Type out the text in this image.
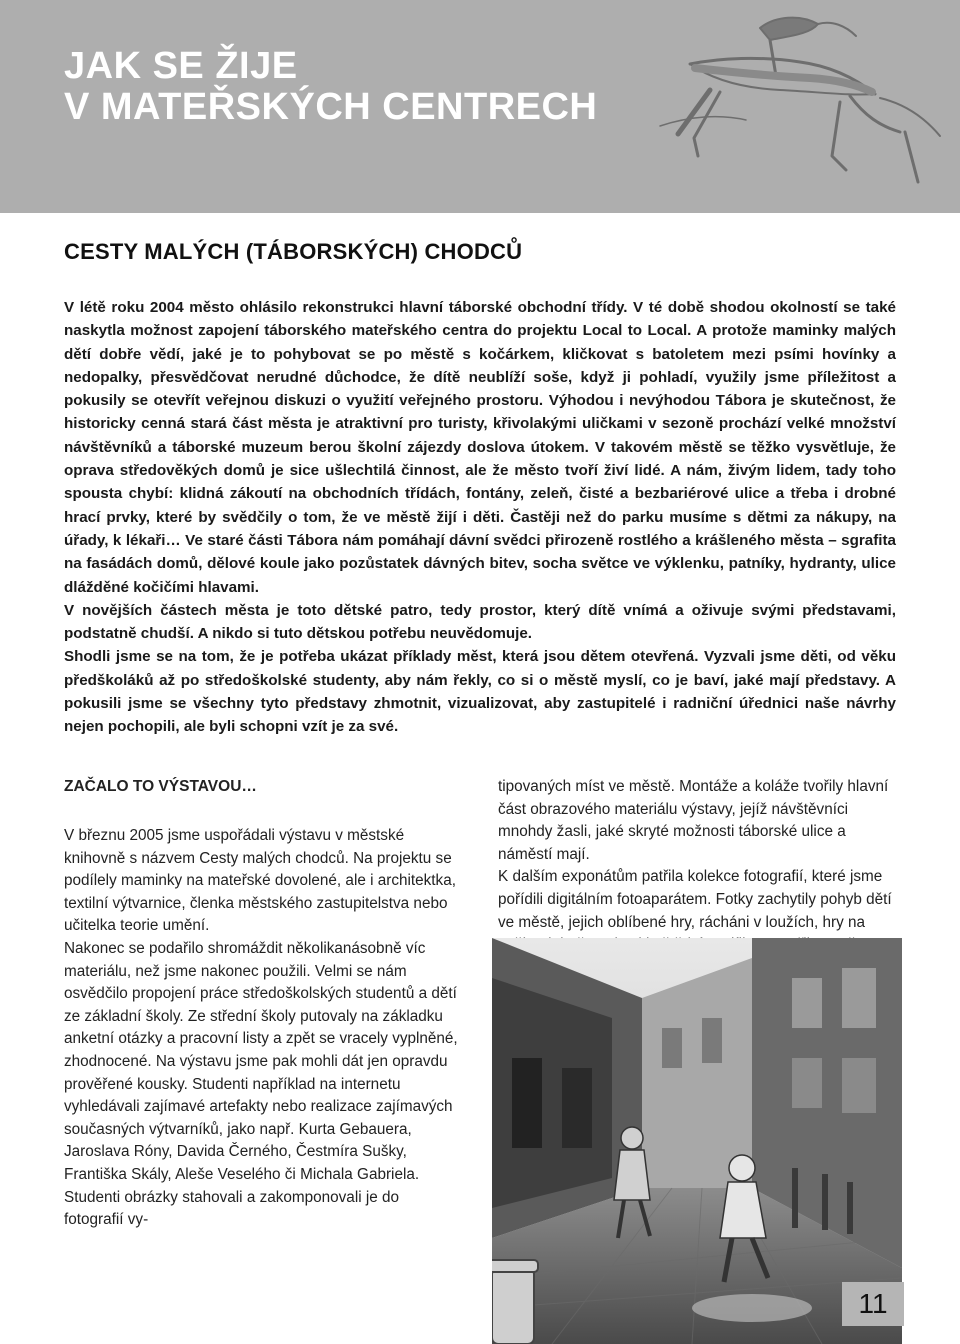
JAK SE ŽIJE
V MATEŘSKÝCH CENTRECH
CESTY MALÝCH (TÁBORSKÝCH) CHODCŮ

V létě roku 2004 město ohlásilo rekonstrukci hlavní táborské obchodní třídy. V té době shodou okolností se také naskytla možnost zapojení táborského mateřského centra do projektu Local to Local. A protože maminky malých dětí dobře vědí, jaké je to pohybovat se po městě s kočárkem, kličkovat s batoletem mezi psími hovínky a nedopalky, přesvědčovat nerudné důchodce, že dítě neublíží soše, když ji pohladí, využily jsme příležitost a pokusily se otevřít veřejnou diskuzi o využití veřejného prostoru. Výhodou i nevýhodou Tábora je skutečnost, že historicky cenná stará část města je atraktivní pro turisty, křivolakými uličkami v sezoně prochází velké množství návštěvníků a táborské muzeum berou školní zájezdy doslova útokem. V takovém městě se těžko vysvětluje, že oprava středověkých domů je sice ušlechtilá činnost, ale že město tvoří živí lidé. A nám, živým lidem, tady toho spousta chybí: klidná zákoutí na obchodních třídách, fontány, zeleň, čisté a bezbariérové ulice a třeba i drobné hrací prvky, které by svědčily o tom, že ve městě žijí i děti. Častěji než do parku musíme s dětmi za nákupy, na úřady, k lékaři… Ve staré části Tábora nám pomáhají dávní svědci přirozeně rostlého a krášleného města – sgrafita na fasádách domů, dělové koule jako pozůstatek dávných bitev, socha světce ve výklenku, patníky, hydranty, ulice dlážděné kočičími hlavami.

V novějších částech města je toto dětské patro, tedy prostor, který dítě vnímá a oživuje svými představami, podstatně chudší. A nikdo si tuto dětskou potřebu neuvědomuje.

Shodli jsme se na tom, že je potřeba ukázat příklady měst, která jsou dětem otevřená. Vyzvali jsme děti, od věku předškoláků až po středoškolské studenty, aby nám řekly, co si o městě myslí, co je baví, jaké mají představy. A pokusili jsme se všechny tyto představy zhmotnit, vizualizovat, aby zastupitelé i radniční úřednici naše návrhy nejen pochopili, ale byli schopni vzít je za své.

ZAČALO TO VÝSTAVOU…

V březnu 2005 jsme uspořádali výstavu v městské knihovně s názvem Cesty malých chodců. Na projektu se podílely maminky na mateřské dovolené, ale i architektka, textilní výtvarnice, členka městského zastupitelstva nebo učitelka teorie umění.

Nakonec se podařilo shromáždit několikanásobně víc materiálu, než jsme nakonec použili. Velmi se nám osvědčilo propojení práce středoškolských studentů a dětí ze základní školy. Ze střední školy putovaly na základku anketní otázky a pracovní listy a zpět se vracely vyplněné, zhodnocené. Na výstavu jsme pak mohli dát jen opravdu prověřené kousky. Studenti například na internetu vyhledávali zajímavé artefakty nebo realizace zajímavých současných výtvarníků, jako např. Kurta Gebauera, Jaroslava Róny, Davida Černého, Čestmíra Sušky, Františka Skály, Aleše Veselého či Michala Gabriela. Studenti obrázky stahovali a zakomponovali je do fotografií vy-

tipovaných míst ve městě. Montáže a koláže tvořily hlavní část obrazového materiálu výstavy, jejíž návštěvníci mnohdy žasli, jaké skryté možnosti táborské ulice a náměstí mají.

K dalším exponátům patřila kolekce fotografií, které jsme pořídili digitálním fotoaparátem. Fotky zachytily pohyb dětí ve městě, jejich oblíbené hry, rácháni v loužích, hry na

11
